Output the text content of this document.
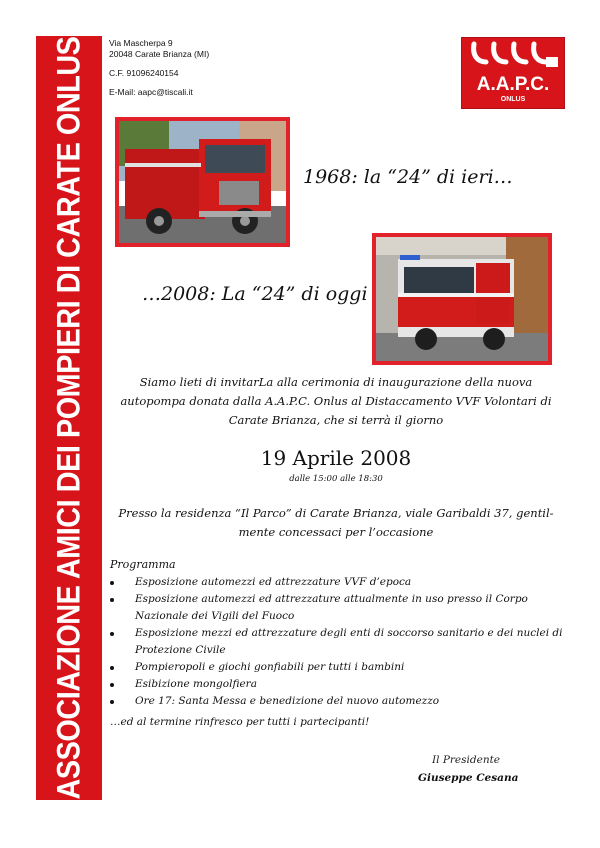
ASSOCIAZIONE AMICI DEI POMPIERI DI CARATE ONLUS	Via Mascherpa 9
20048 Carate Brianza (MI)
C.F. 91096240154
E-Mail: aapc@tiscali.it	A.A.P.C.
ONLUS
1968: la “24” di ieri…
…2008: La “24” di oggi
Siamo lieti di invitarLa alla cerimonia di inaugurazione della nuova autopompa donata dalla A.A.P.C. Onlus al Distaccamento VVF Volontari di Carate Brianza, che si terrà il giorno
19 Aprile 2008
dalle 15:00 alle 18:30
Presso la residenza “Il Parco” di Carate Brianza, viale Garibaldi 37, gentil-mente concessaci per l’occasione
Programma
Esposizione automezzi ed attrezzature VVF d’epoca
Esposizione automezzi ed attrezzature attualmente in uso presso il Corpo Nazionale dei Vigili del Fuoco
Esposizione mezzi ed attrezzature degli enti di soccorso sanitario e dei nuclei di Protezione Civile
Pompieropoli e giochi gonfiabili per tutti i bambini
Esibizione mongolfiera
Ore 17: Santa Messa e benedizione del nuovo automezzo
…ed al termine rinfresco per tutti i partecipanti!
Il Presidente
Giuseppe Cesana
